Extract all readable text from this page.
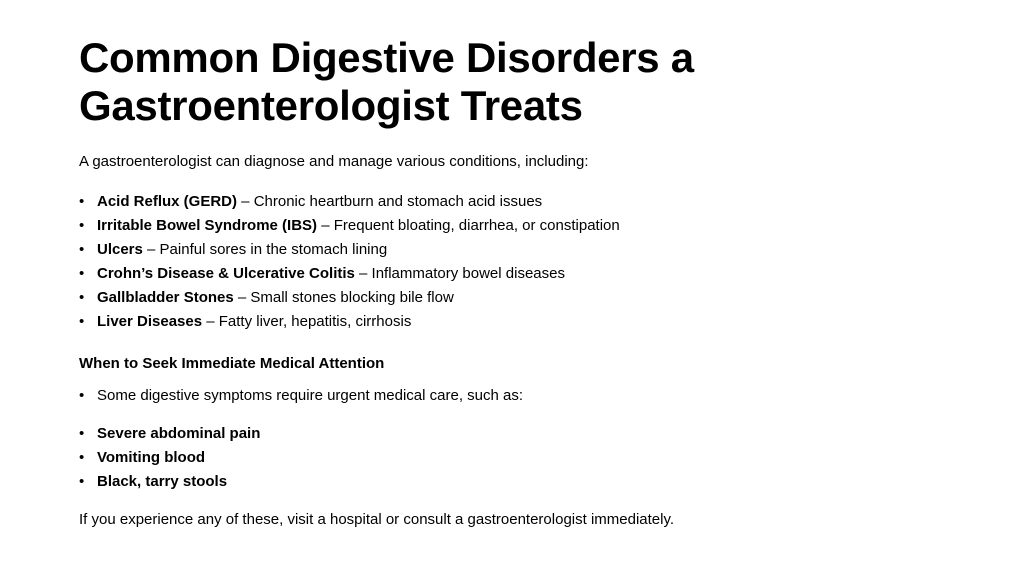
Common Digestive Disorders a Gastroenterologist Treats

A gastroenterologist can diagnose and manage various conditions, including:

• Acid Reflux (GERD) – Chronic heartburn and stomach acid issues
• Irritable Bowel Syndrome (IBS) – Frequent bloating, diarrhea, or constipation
• Ulcers – Painful sores in the stomach lining
• Crohn’s Disease & Ulcerative Colitis – Inflammatory bowel diseases
• Gallbladder Stones – Small stones blocking bile flow
• Liver Diseases – Fatty liver, hepatitis, cirrhosis

When to Seek Immediate Medical Attention

• Some digestive symptoms require urgent medical care, such as:
• Severe abdominal pain
• Vomiting blood
• Black, tarry stools

If you experience any of these, visit a hospital or consult a gastroenterologist immediately.
